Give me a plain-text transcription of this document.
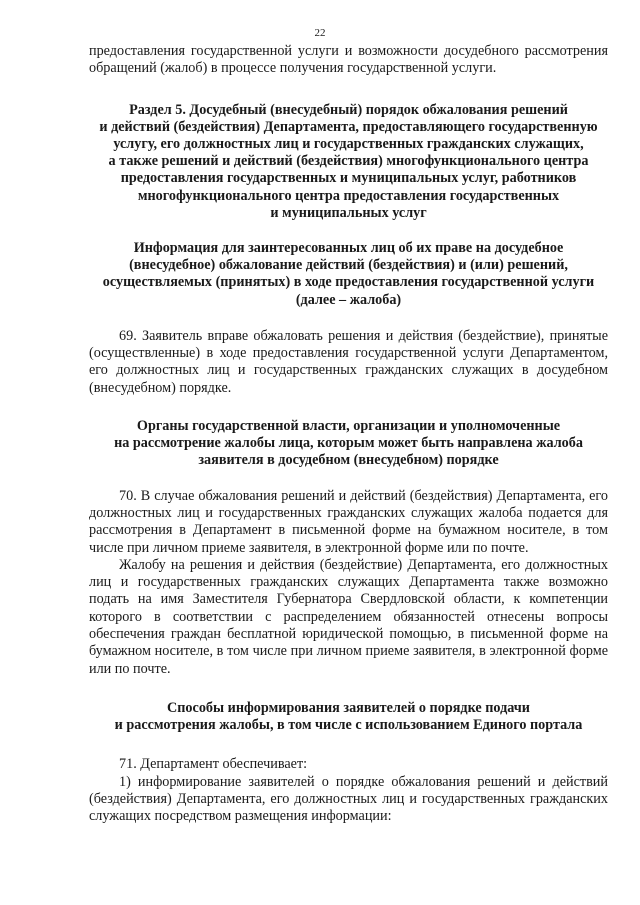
22

предоставления государственной услуги и возможности досудебного рассмотрения обращений (жалоб) в процессе получения государственной услуги.

Раздел 5. Досудебный (внесудебный) порядок обжалования решений
и действий (бездействия) Департамента, предоставляющего государственную
услугу, его должностных лиц и государственных гражданских служащих,
а также решений и действий (бездействия) многофункционального центра
предоставления государственных и муниципальных услуг, работников
многофункционального центра предоставления государственных
и муниципальных услуг
Информация для заинтересованных лиц об их праве на досудебное
(внесудебное) обжалование действий (бездействия) и (или) решений,
осуществляемых (принятых) в ходе предоставления государственной услуги
(далее – жалоба)

69. Заявитель вправе обжаловать решения и действия (бездействие), принятые (осуществленные) в ходе предоставления государственной услуги Департаментом, его должностных лиц и государственных гражданских служащих в досудебном (внесудебном) порядке.

Органы государственной власти, организации и уполномоченные
на рассмотрение жалобы лица, которым может быть направлена жалоба
заявителя в досудебном (внесудебном) порядке

70. В случае обжалования решений и действий (бездействия) Департамента, его должностных лиц и государственных гражданских служащих жалоба подается для рассмотрения в Департамент в письменной форме на бумажном носителе, в том числе при личном приеме заявителя, в электронной форме или по почте.

Жалобу на решения и действия (бездействие) Департамента, его должностных лиц и государственных гражданских служащих Департамента также возможно подать на имя Заместителя Губернатора Свердловской области, к компетенции которого в соответствии с распределением обязанностей отнесены вопросы обеспечения граждан бесплатной юридической помощью, в письменной форме на бумажном носителе, в том числе при личном приеме заявителя, в электронной форме или по почте.

Способы информирования заявителей о порядке подачи
и рассмотрения жалобы, в том числе с использованием Единого портала

71. Департамент обеспечивает:

1) информирование заявителей о порядке обжалования решений и действий (бездействия) Департамента, его должностных лиц и государственных гражданских служащих посредством размещения информации:
